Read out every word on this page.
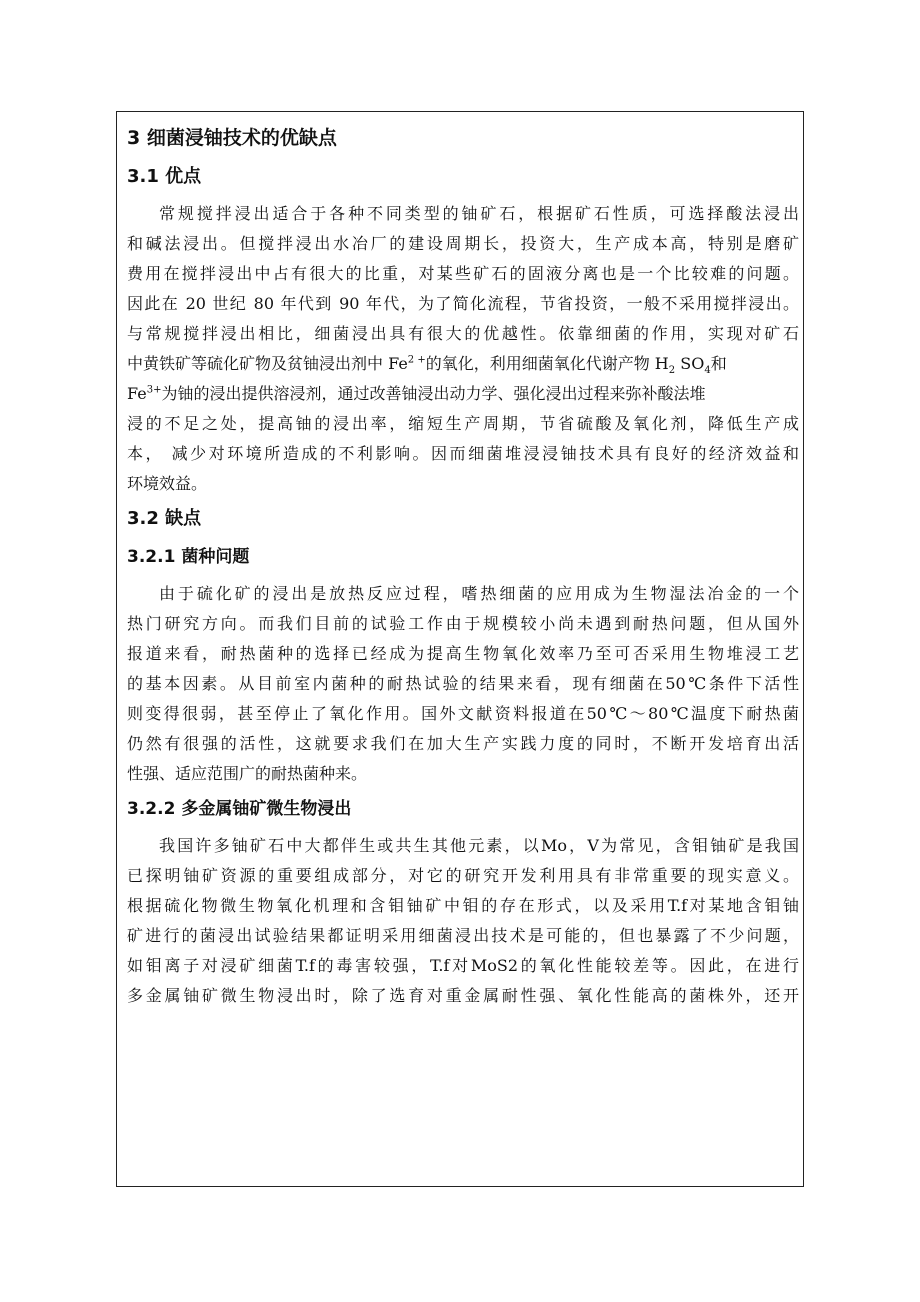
3 细菌浸铀技术的优缺点
3.1 优点
常规搅拌浸出适合于各种不同类型的铀矿石，根据矿石性质，可选择酸法浸出
和碱法浸出。但搅拌浸出水冶厂的建设周期长，投资大，生产成本高，特别是磨矿
费用在搅拌浸出中占有很大的比重，对某些矿石的固液分离也是一个比较难的问题。
因此在 20 世纪 80 年代到 90 年代，为了简化流程，节省投资，一般不采用搅拌浸出。
与常规搅拌浸出相比，细菌浸出具有很大的优越性。依靠细菌的作用，实现对矿石
中黄铁矿等硫化矿物及贫铀浸出剂中 $Fe^{2 +}$的氧化，利用细菌氧化代谢产物 $H_2$ $SO_4$和
$Fe^{3+}$为铀的浸出提供溶浸剂，通过改善铀浸出动力学、强化浸出过程来弥补酸法堆
浸的不足之处，提高铀的浸出率，缩短生产周期，节省硫酸及氧化剂，降低生产成
本， 减少对环境所造成的不利影响。因而细菌堆浸浸铀技术具有良好的经济效益和
环境效益。
3.2 缺点
3.2.1 菌种问题
由于硫化矿的浸出是放热反应过程，嗜热细菌的应用成为生物湿法冶金的一个
热门研究方向。而我们目前的试验工作由于规模较小尚未遇到耐热问题，但从国外
报道来看，耐热菌种的选择已经成为提高生物氧化效率乃至可否采用生物堆浸工艺
的基本因素。从目前室内菌种的耐热试验的结果来看，现有细菌在50℃条件下活性
则变得很弱，甚至停止了氧化作用。国外文献资料报道在50℃～80℃温度下耐热菌
仍然有很强的活性，这就要求我们在加大生产实践力度的同时，不断开发培育出活
性强、适应范围广的耐热菌种来。
3.2.2 多金属铀矿微生物浸出
我国许多铀矿石中大都伴生或共生其他元素，以Mo，V为常见，含钼铀矿是我国
已探明铀矿资源的重要组成部分，对它的研究开发利用具有非常重要的现实意义。
根据硫化物微生物氧化机理和含钼铀矿中钼的存在形式，以及采用T.f对某地含钼铀
矿进行的菌浸出试验结果都证明采用细菌浸出技术是可能的，但也暴露了不少问题，
如钼离子对浸矿细菌T.f的毒害较强，T.f对MoS2的氧化性能较差等。因此，在进行
多金属铀矿微生物浸出时，除了选育对重金属耐性强、氧化性能高的菌株外，还开
